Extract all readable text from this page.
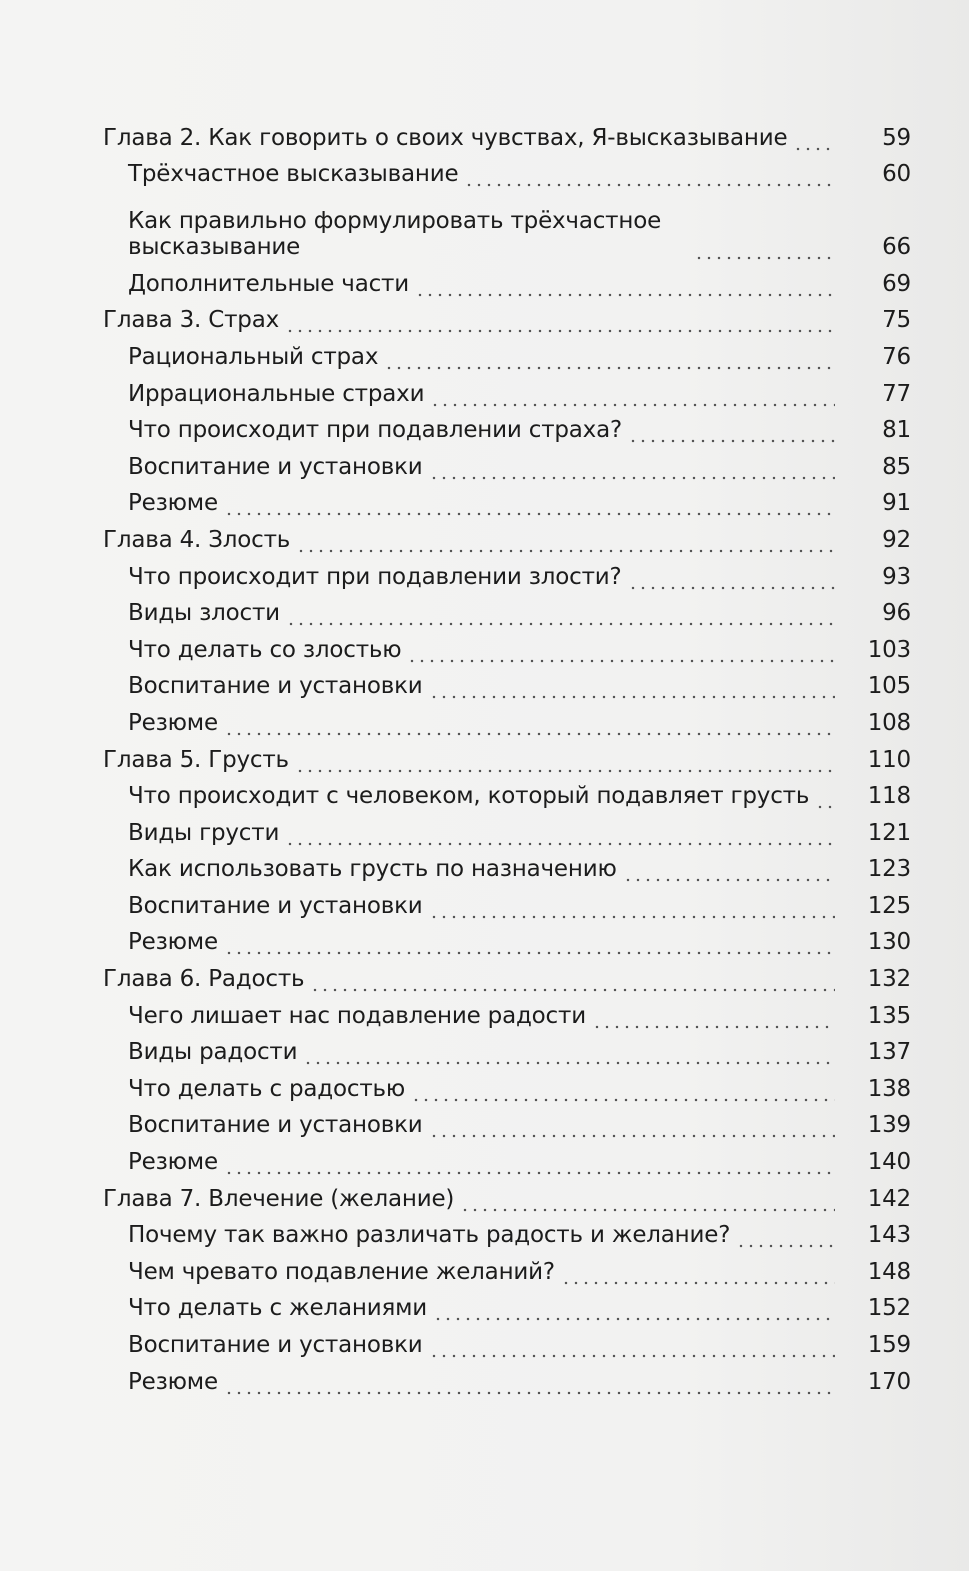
Глава 2. Как говорить о своих чувствах, Я-высказывание	59
Трёхчастное высказывание	60
Как правильно формулировать трёхчастное высказывание	66
Дополнительные части	69
Глава 3. Страх	75
Рациональный страх	76
Иррациональные страхи	77
Что происходит при подавлении страха?	81
Воспитание и установки	85
Резюме	91
Глава 4. Злость	92
Что происходит при подавлении злости?	93
Виды злости	96
Что делать со злостью	103
Воспитание и установки	105
Резюме	108
Глава 5. Грусть	110
Что происходит с человеком, который подавляет грусть	118
Виды грусти	121
Как использовать грусть по назначению	123
Воспитание и установки	125
Резюме	130
Глава 6. Радость	132
Чего лишает нас подавление радости	135
Виды радости	137
Что делать с радостью	138
Воспитание и установки	139
Резюме	140
Глава 7. Влечение (желание)	142
Почему так важно различать радость и желание?	143
Чем чревато подавление желаний?	148
Что делать с желаниями	152
Воспитание и установки	159
Резюме	170
